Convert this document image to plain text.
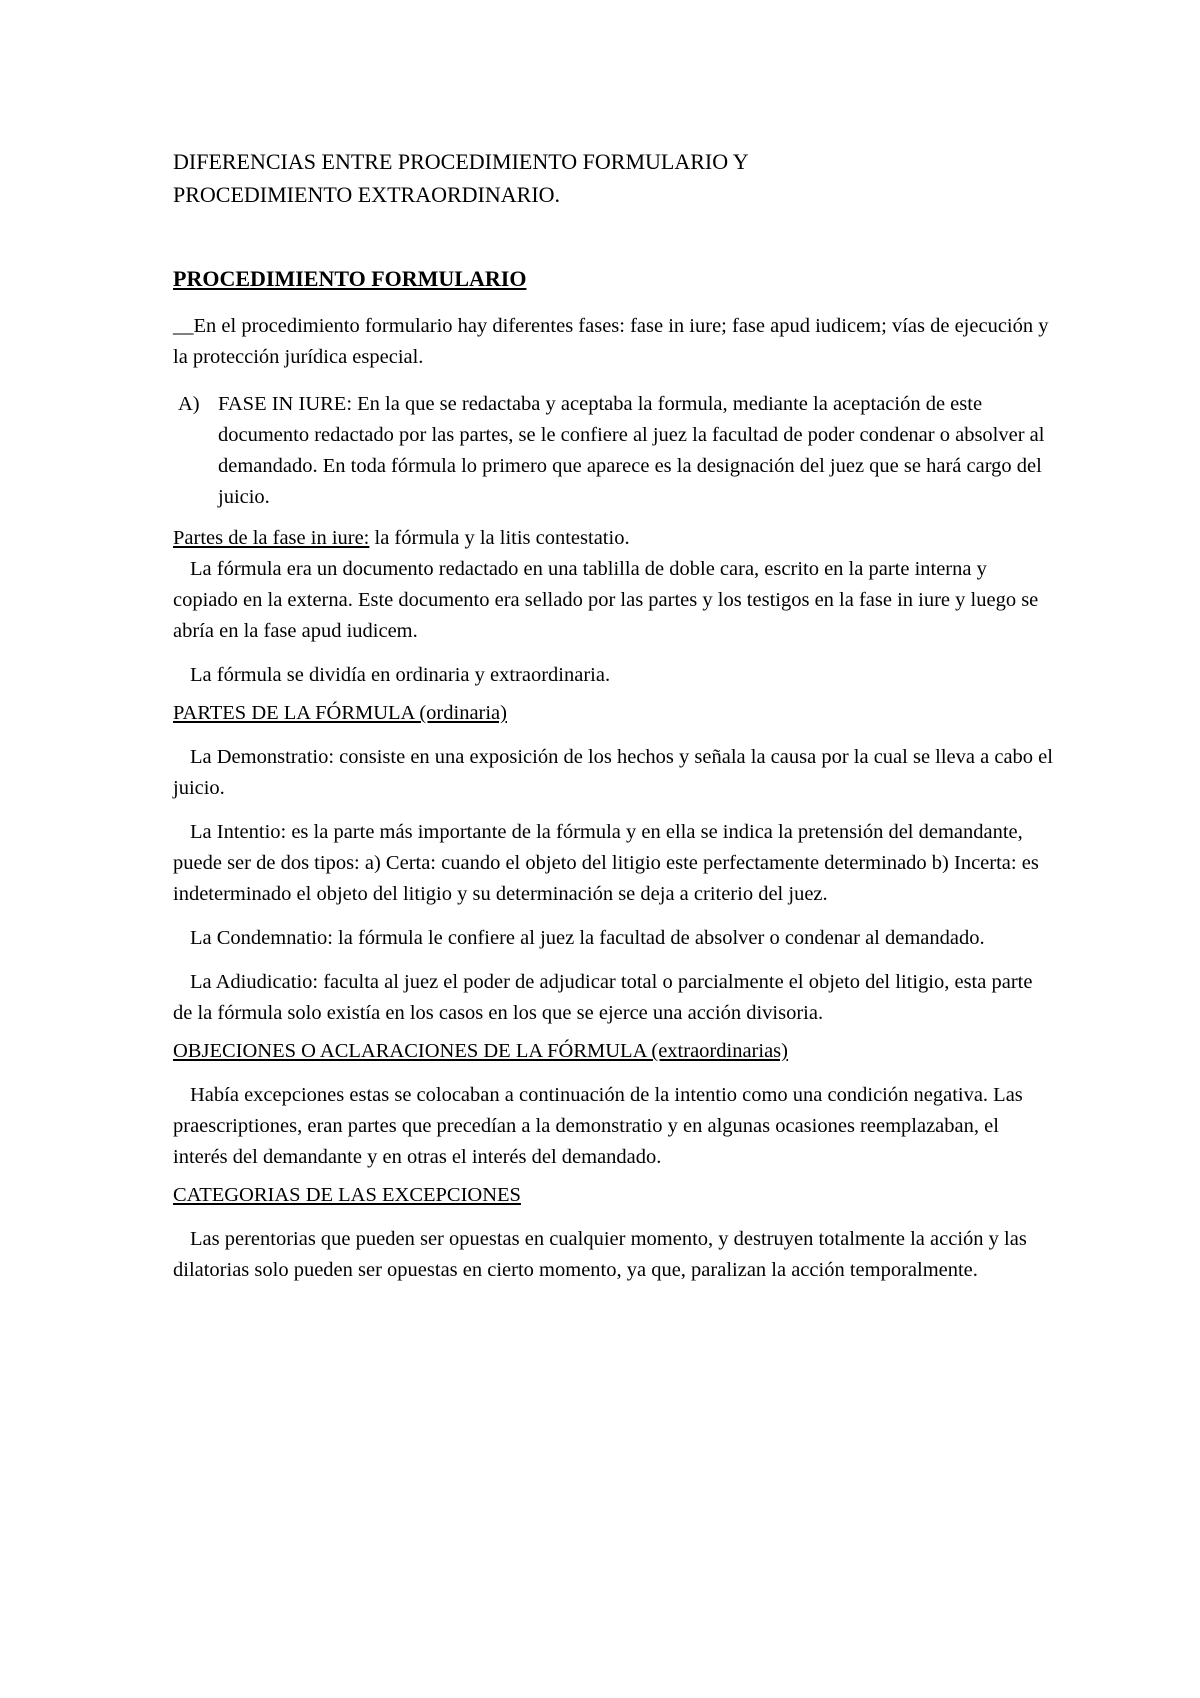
DIFERENCIAS ENTRE PROCEDIMIENTO FORMULARIO Y
PROCEDIMIENTO EXTRAORDINARIO.
PROCEDIMIENTO FORMULARIO

__En el procedimiento formulario hay diferentes fases: fase in iure; fase apud iudicem; vías de ejecución y la protección jurídica especial.

A) FASE IN IURE: En la que se redactaba y aceptaba la formula, mediante la aceptación de este documento redactado por las partes, se le confiere al juez la facultad de poder condenar o absolver al demandado. En toda fórmula lo primero que aparece es la designación del juez que se hará cargo del juicio.

Partes de la fase in iure: la fórmula y la litis contestatio.

La fórmula era un documento redactado en una tablilla de doble cara, escrito en la parte interna y copiado en la externa. Este documento era sellado por las partes y los testigos en la fase in iure y luego se abría en la fase apud iudicem.

La fórmula se dividía en ordinaria y extraordinaria.

PARTES DE LA FÓRMULA (ordinaria)

La Demonstratio: consiste en una exposición de los hechos y señala la causa por la cual se lleva a cabo el juicio.

La Intentio: es la parte más importante de la fórmula y en ella se indica la pretensión del demandante, puede ser de dos tipos: a) Certa: cuando el objeto del litigio este perfectamente determinado b) Incerta: es indeterminado el objeto del litigio y su determinación se deja a criterio del juez.

La Condemnatio: la fórmula le confiere al juez la facultad de absolver o condenar al demandado.

La Adiudicatio: faculta al juez el poder de adjudicar total o parcialmente el objeto del litigio, esta parte de la fórmula solo existía en los casos en los que se ejerce una acción divisoria.

OBJECIONES O ACLARACIONES DE LA FÓRMULA (extraordinarias)

Había excepciones estas se colocaban a continuación de la intentio como una condición negativa. Las praescriptiones, eran partes que precedían a la demonstratio y en algunas ocasiones reemplazaban, el interés del demandante y en otras el interés del demandado.

CATEGORIAS DE LAS EXCEPCIONES

Las perentorias que pueden ser opuestas en cualquier momento, y destruyen totalmente la acción y las dilatorias solo pueden ser opuestas en cierto momento, ya que, paralizan la acción temporalmente.
